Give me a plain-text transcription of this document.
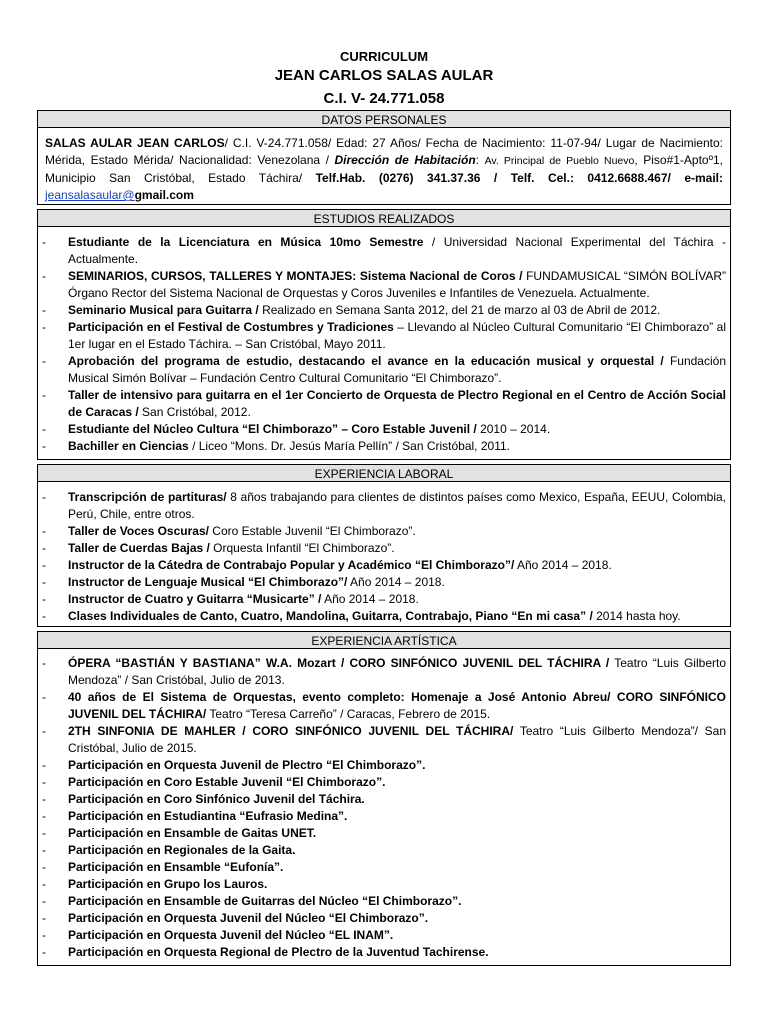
CURRICULUM
JEAN CARLOS SALAS AULAR
C.I. V- 24.771.058
DATOS PERSONALES
SALAS AULAR JEAN CARLOS/ C.I. V-24.771.058/ Edad: 27 Años/ Fecha de Nacimiento: 11-07-94/ Lugar de Nacimiento: Mérida, Estado Mérida/ Nacionalidad: Venezolana / Dirección de Habitación: Av. Principal de Pueblo Nuevo, Piso#1-Aptoº1, Municipio San Cristóbal, Estado Táchira/ Telf.Hab. (0276) 341.37.36 / Telf. Cel.: 0412.6688.467/ e-mail: jeansalasaular@gmail.com
ESTUDIOS REALIZADOS
- Estudiante de la Licenciatura en Música 10mo Semestre / Universidad Nacional Experimental del Táchira - Actualmente.
- SEMINARIOS, CURSOS, TALLERES Y MONTAJES: Sistema Nacional de Coros / FUNDAMUSICAL “SIMÓN BOLÍVAR” Órgano Rector del Sistema Nacional de Orquestas y Coros Juveniles e Infantiles de Venezuela. Actualmente.
- Seminario Musical para Guitarra / Realizado en Semana Santa 2012, del 21 de marzo al 03 de Abril de 2012.
- Participación en el Festival de Costumbres y Tradiciones – Llevando al Núcleo Cultural Comunitario “El Chimborazo” al 1er lugar en el Estado Táchira. – San Cristóbal, Mayo 2011.
- Aprobación del programa de estudio, destacando el avance en la educación musical y orquestal / Fundación Musical Simón Bolívar – Fundación Centro Cultural Comunitario “El Chimborazo”.
- Taller de intensivo para guitarra en el 1er Concierto de Orquesta de Plectro Regional en el Centro de Acción Social de Caracas / San Cristóbal, 2012.
- Estudiante del Núcleo Cultura “El Chimborazo” – Coro Estable Juvenil / 2010 – 2014.
- Bachiller en Ciencias / Liceo “Mons. Dr. Jesús María Pellín” / San Cristóbal, 2011.
EXPERIENCIA LABORAL
- Transcripción de partituras/ 8 años trabajando para clientes de distintos países como Mexico, España, EEUU, Colombia, Perú, Chile, entre otros.
- Taller de Voces Oscuras/ Coro Estable Juvenil “El Chimborazo”.
- Taller de Cuerdas Bajas / Orquesta Infantil “El Chimborazo”.
- Instructor de la Cátedra de Contrabajo Popular y Académico “El Chimborazo”/ Año 2014 – 2018.
- Instructor de Lenguaje Musical “El Chimborazo”/ Año 2014 – 2018.
- Instructor de Cuatro y Guitarra “Musicarte” / Año 2014 – 2018.
- Clases Individuales de Canto, Cuatro, Mandolina, Guitarra, Contrabajo, Piano “En mi casa” / 2014 hasta hoy.
EXPERIENCIA ARTÍSTICA
- ÓPERA “BASTIÁN Y BASTIANA” W.A. Mozart / CORO SINFÓNICO JUVENIL DEL TÁCHIRA / Teatro “Luis Gilberto Mendoza” / San Cristóbal, Julio de 2013.
- 40 años de El Sistema de Orquestas, evento completo: Homenaje a José Antonio Abreu/ CORO SINFÓNICO JUVENIL DEL TÁCHIRA/ Teatro “Teresa Carreño” / Caracas, Febrero de 2015.
- 2TH SINFONIA DE MAHLER / CORO SINFÓNICO JUVENIL DEL TÁCHIRA/ Teatro “Luis Gilberto Mendoza”/ San Cristóbal, Julio de 2015.
- Participación en Orquesta Juvenil de Plectro “El Chimborazo”.
- Participación en Coro Estable Juvenil “El Chimborazo”.
- Participación en Coro Sinfónico Juvenil del Táchira.
- Participación en Estudiantina “Eufrasio Medina”.
- Participación en Ensamble de Gaitas UNET.
- Participación en Regionales de la Gaita.
- Participación en Ensamble “Eufonía”.
- Participación en Grupo los Lauros.
- Participación en Ensamble de Guitarras del Núcleo “El Chimborazo”.
- Participación en Orquesta Juvenil del Núcleo “El Chimborazo”.
- Participación en Orquesta Juvenil del Núcleo “EL INAM”.
- Participación en Orquesta Regional de Plectro de la Juventud Tachirense.
